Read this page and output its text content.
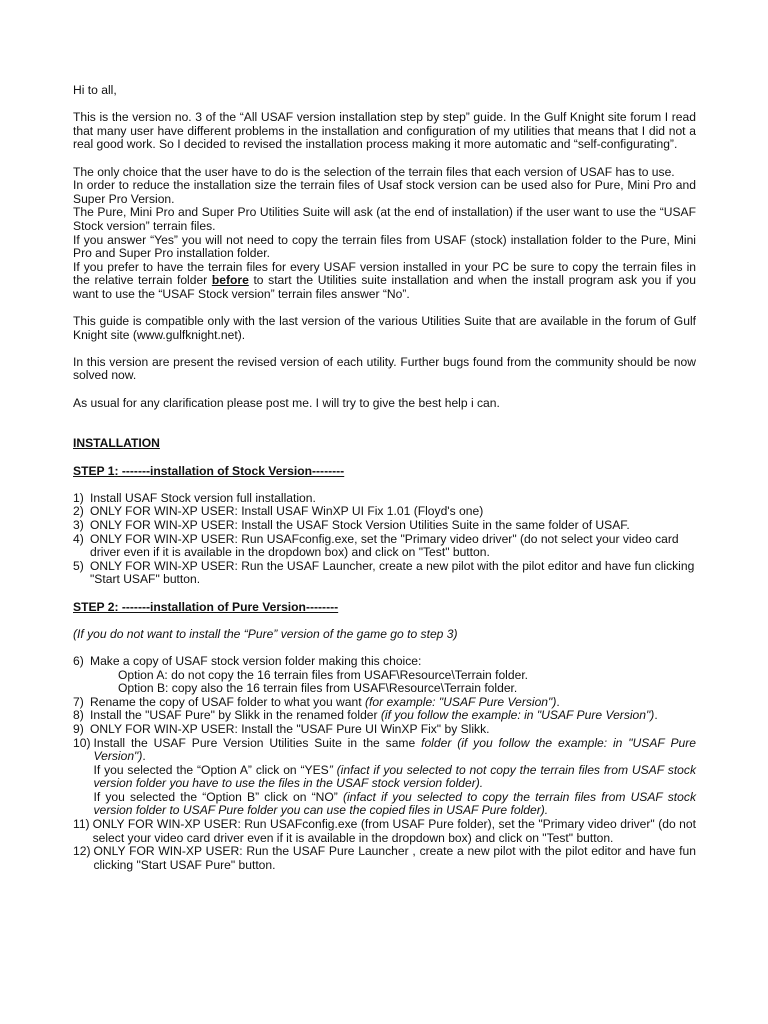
Hi to all,

This is the version no. 3 of the “All USAF version installation step by step” guide. In the Gulf Knight site forum I read that many user have different problems in the installation and configuration of my utilities that means that I did not a real good work. So I decided to revised the installation process making it more automatic and “self-configurating”.

The only choice that the user have to do is the selection of the terrain files that each version of USAF has to use.

In order to reduce the installation size the terrain files of Usaf stock version can be used also for Pure, Mini Pro and Super Pro Version.

The Pure, Mini Pro and Super Pro Utilities Suite will ask (at the end of installation) if the user want to use the “USAF Stock version” terrain files.

If you answer “Yes” you will not need to copy the terrain files from USAF (stock) installation folder to the Pure, Mini Pro and Super Pro installation folder.

If you prefer to have the terrain files for every USAF version installed in your PC be sure to copy the terrain files in the relative terrain folder before to start the Utilities suite installation and when the install program ask you if you want to use the “USAF Stock version” terrain files answer “No”.

This guide is compatible only with the last version of the various Utilities Suite that are available in the forum of Gulf Knight site (www.gulfknight.net).

In this version are present the revised version of each utility. Further bugs found from the community should be now solved now.

As usual for any clarification please post me. I will try to give the best help i can.

INSTALLATION

STEP 1: -------installation of Stock Version--------

1) Install USAF Stock version full installation.
2) ONLY FOR WIN-XP USER: Install USAF WinXP UI Fix 1.01 (Floyd's one)
3) ONLY FOR WIN-XP USER: Install the USAF Stock Version Utilities Suite in the same folder of USAF.
4) ONLY FOR WIN-XP USER: Run USAFconfig.exe, set the "Primary video driver" (do not select your video card driver even if it is available in the dropdown box) and click on "Test" button.
5) ONLY FOR WIN-XP USER: Run the USAF Launcher, create a new pilot with the pilot editor and have fun clicking "Start USAF" button.

STEP 2: -------installation of Pure Version--------

(If you do not want to install the “Pure” version of the game go to step 3)

6) Make a copy of USAF stock version folder making this choice:
Option A: do not copy the 16 terrain files from USAF\Resource\Terrain folder.
Option B: copy also the 16 terrain files from USAF\Resource\Terrain folder.
7) Rename the copy of USAF folder to what you want (for example: "USAF Pure Version").
8) Install the "USAF Pure" by Slikk in the renamed folder (if you follow the example: in "USAF Pure Version").
9) ONLY FOR WIN-XP USER: Install the "USAF Pure UI WinXP Fix" by Slikk.
10) Install the USAF Pure Version Utilities Suite in the same folder (if you follow the example: in "USAF Pure Version").
If you selected the “Option A” click on “YES” (infact if you selected to not copy the terrain files from USAF stock version folder you have to use the files in the USAF stock version folder).
If you selected the “Option B” click on “NO” (infact if you selected to copy the terrain files from USAF stock version folder to USAF Pure folder you can use the copied files in USAF Pure folder).
11) ONLY FOR WIN-XP USER: Run USAFconfig.exe (from USAF Pure folder), set the "Primary video driver" (do not select your video card driver even if it is available in the dropdown box) and click on "Test" button.
12) ONLY FOR WIN-XP USER: Run the USAF Pure Launcher , create a new pilot with the pilot editor and have fun clicking "Start USAF Pure" button.
